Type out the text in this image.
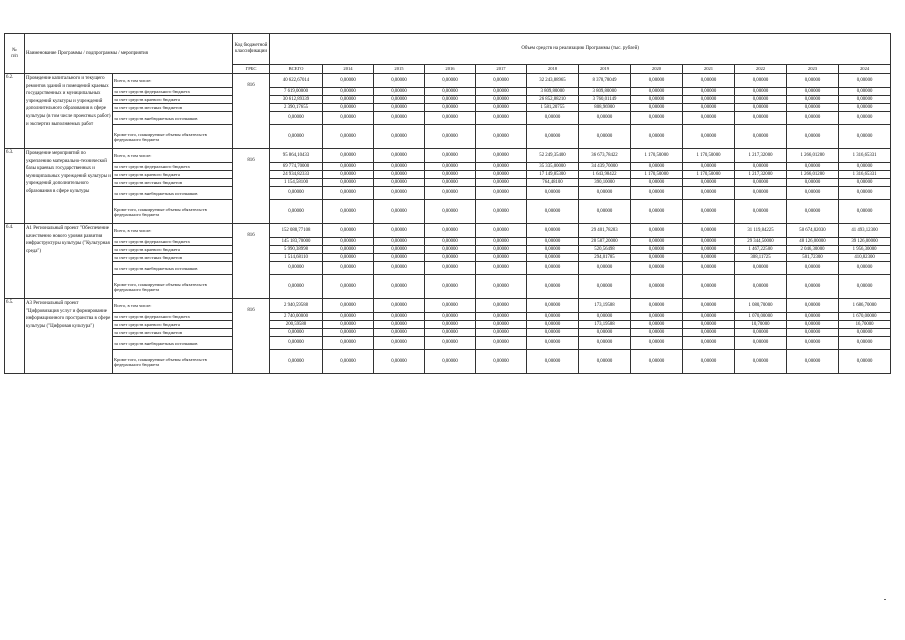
№
п/п	Наименование Программы / подпрограммы / мероприятия		Код бюджетной классификации	Объем средств на реализацию Программы (тыс. рублей)											
			ГРБС	ВСЕГО	2014	2015	2016	2017	2018	2019	2020	2021	2022	2023	2024
6.2.	Проведение капитального и текущего ремонтов зданий и помещений краевых государственных и муниципальных учреждений культуры и учреждений дополнительного образования в сфере культуры (в том числе проектных работ) и экспертиз выполняемых работ	Всего, в том числе:	816	40 622,67014	0,00000	0,00000	0,00000	0,00000	32 243,88965	8 378,78049	0,00000	0,00000	0,00000	0,00000	0,00000
		за счет средств федерального бюджета		7 619,00000	0,00000	0,00000	0,00000	0,00000	3 809,80000	3 809,80000	0,00000	0,00000	0,00000	0,00000	0,00000
		за счет средств краевого бюджета		30 612,89339	0,00000	0,00000	0,00000	0,00000	26 852,88210	3 760,01149	0,00000	0,00000	0,00000	0,00000	0,00000
		за счет средств местных бюджетов		2 390,17655	0,00000	0,00000	0,00000	0,00000	1 581,20755	808,96900	0,00000	0,00000	0,00000	0,00000	0,00000
		за счет средств внебюджетных источников		0,00000	0,00000	0,00000	0,00000	0,00000	0,00000	0,00000	0,00000	0,00000	0,00000	0,00000	0,00000
		Кроме того, планируемые объемы обязательств федерального бюджета		0,00000	0,00000	0,00000	0,00000	0,00000	0,00000	0,00000	0,00000	0,00000	0,00000	0,00000	0,00000
6.3.	Проведение мероприятий по укреплению материально-технической базы краевых государственных и муниципальных учреждений культуры и учреждений дополнительного образования в сфере культуры	Всего, в том числе:	816	95 864,10433	0,00000	0,00000	0,00000	0,00000	52 249,35400	36 673,78422	1 170,50000	1 170,50000	1 217,32000	1 266,01280	1 316,65331
		за счет средств федерального бюджета		69 774,70000	0,00000	0,00000	0,00000	0,00000	35 335,00000	34 439,70000	0,00000	0,00000	0,00000	0,00000	0,00000
		за счет средств краевого бюджета		24 934,82333	0,00000	0,00000	0,00000	0,00000	17 149,85300	1 643,98422	1 170,50000	1 170,50000	1 217,32000	1 266,01280	1 316,65331
		за счет средств местных бюджетов		1 154,58100	0,00000	0,00000	0,00000	0,00000	764,48100	390,10000	0,00000	0,00000	0,00000	0,00000	0,00000
		за счет средств внебюджетных источников		0,00000	0,00000	0,00000	0,00000	0,00000	0,00000	0,00000	0,00000	0,00000	0,00000	0,00000	0,00000
		Кроме того, планируемые объемы обязательств федерального бюджета		0,00000	0,00000	0,00000	0,00000	0,00000	0,00000	0,00000	0,00000	0,00000	0,00000	0,00000	0,00000
6.4.	А1 Региональный проект "Обеспечение качественно нового уровня развития инфраструктуры культуры ("Культурная среда")	Всего, в том числе:	816	152 088,77108	0,00000	0,00000	0,00000	0,00000	0,00000	29 401,78283	0,00000	0,00000	31 119,84225	50 674,02030	41 493,12300
		за счет средств федерального бюджета		145 183,70000	0,00000	0,00000	0,00000	0,00000	0,00000	28 587,20000	0,00000	0,00000	29 344,50000	48 126,00000	39 126,00000
		за счет средств краевого бюджета		5 990,38998	0,00000	0,00000	0,00000	0,00000	0,00000	520,56498	0,00000	0,00000	1 467,22500	2 046,30000	1 956,30000
		за счет средств местных бюджетов		1 514,68110	0,00000	0,00000	0,00000	0,00000	0,00000	294,01785	0,00000	0,00000	308,11725	501,72300	410,82300
		за счет средств внебюджетных источников		0,00000	0,00000	0,00000	0,00000	0,00000	0,00000	0,00000	0,00000	0,00000	0,00000	0,00000	0,00000
		Кроме того, планируемые объемы обязательств федерального бюджета		0,00000	0,00000	0,00000	0,00000	0,00000	0,00000	0,00000	0,00000	0,00000	0,00000	0,00000	0,00000
6.5.	А3 Региональный проект "Цифровизация услуг и формирование информационного пространства в сфере культуры ("Цифровая культура")	Всего, в том числе:	816	2 940,59588	0,00000	0,00000	0,00000	0,00000	0,00000	173,19588	0,00000	0,00000	1 080,70000	0,00000	1 686,70000
		за счет средств федерального бюджета		2 740,00000	0,00000	0,00000	0,00000	0,00000	0,00000	0,00000	0,00000	0,00000	1 070,00000	0,00000	1 670,00000
		за счет средств краевого бюджета		200,59588	0,00000	0,00000	0,00000	0,00000	0,00000	173,19588	0,00000	0,00000	10,70000	0,00000	16,70000
		за счет средств местных бюджетов		0,00000	0,00000	0,00000	0,00000	0,00000	0,00000	0,00000	0,00000	0,00000	0,00000	0,00000	0,00000
		за счет средств внебюджетных источников		0,00000	0,00000	0,00000	0,00000	0,00000	0,00000	0,00000	0,00000	0,00000	0,00000	0,00000	0,00000
		Кроме того, планируемые объемы обязательств федерального бюджета		0,00000	0,00000	0,00000	0,00000	0,00000	0,00000	0,00000	0,00000	0,00000	0,00000	0,00000	0,00000
